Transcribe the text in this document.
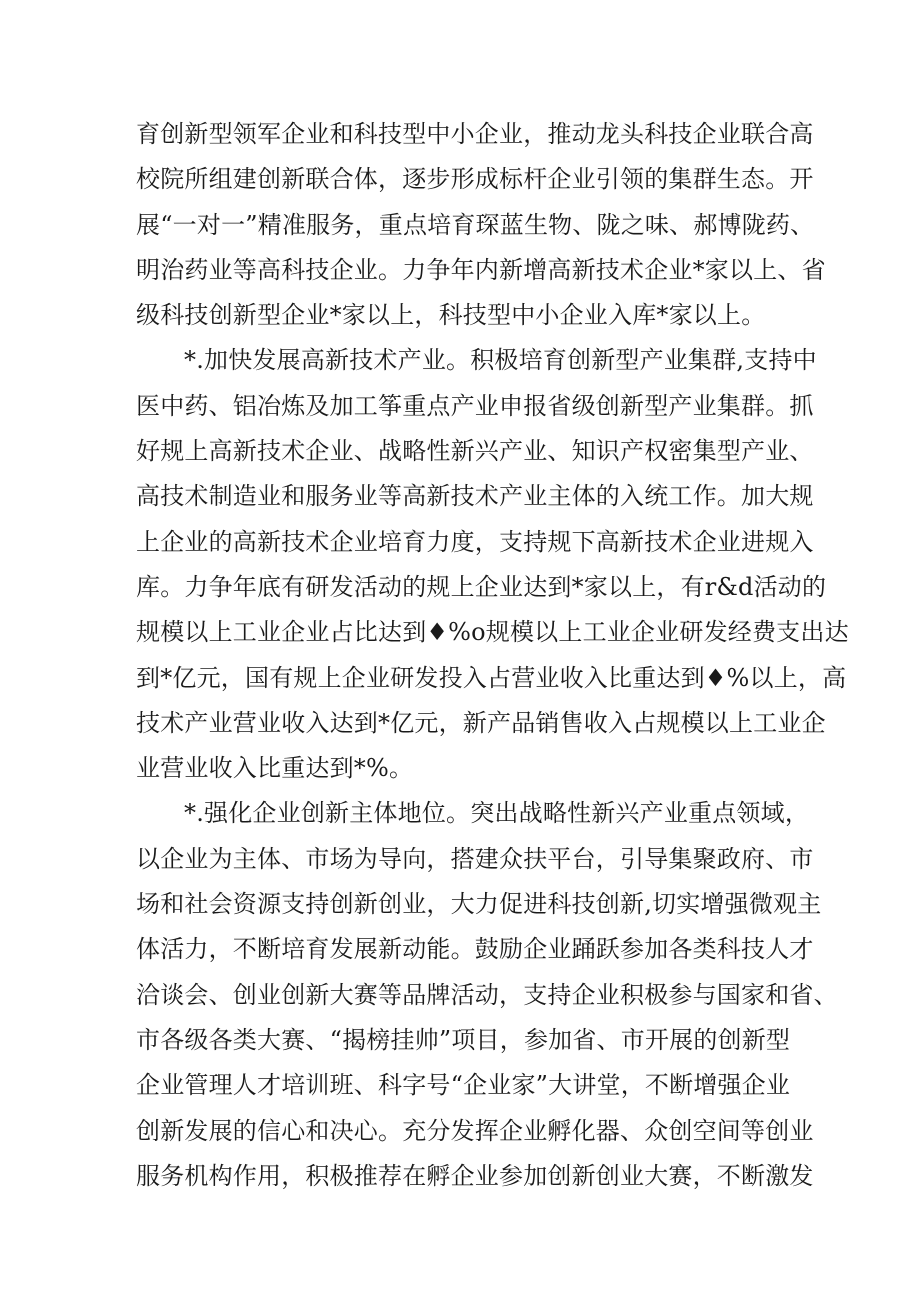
育创新型领军企业和科技型中小企业，推动龙头科技企业联合高
校院所组建创新联合体，逐步形成标杆企业引领的集群生态。开
展“一对一”精准服务，重点培育琛蓝生物、陇之味、郝博陇药、
明治药业等高科技企业。力争年内新增高新技术企业*家以上、省
级科技创新型企业*家以上，科技型中小企业入库*家以上。
*.加快发展高新技术产业。积极培育创新型产业集群,支持中
医中药、铝冶炼及加工筝重点产业申报省级创新型产业集群。抓
好规上高新技术企业、战略性新兴产业、知识产权密集型产业、
高技术制造业和服务业等高新技术产业主体的入统工作。加大规
上企业的高新技术企业培育力度，支持规下高新技术企业进规入
库。力争年底有研发活动的规上企业达到*家以上，有r&d活动的
规模以上工业企业占比达到♦%o规模以上工业企业研发经费支出达
到*亿元，国有规上企业研发投入占营业收入比重达到♦%以上，高
技术产业营业收入达到*亿元，新产品销售收入占规模以上工业企
业营业收入比重达到*%。
*.强化企业创新主体地位。突出战略性新兴产业重点领域，
以企业为主体、市场为导向，搭建众扶平台，引导集聚政府、市
场和社会资源支持创新创业，大力促进科技创新,切实增强微观主
体活力，不断培育发展新动能。鼓励企业踊跃参加各类科技人才
洽谈会、创业创新大赛等品牌活动，支持企业积极参与国家和省、
市各级各类大赛、“揭榜挂帅”项目，参加省、市开展的创新型
企业管理人才培训班、科字号“企业家”大讲堂，不断增强企业
创新发展的信心和决心。充分发挥企业孵化器、众创空间等创业
服务机构作用，积极推荐在孵企业参加创新创业大赛，不断激发
